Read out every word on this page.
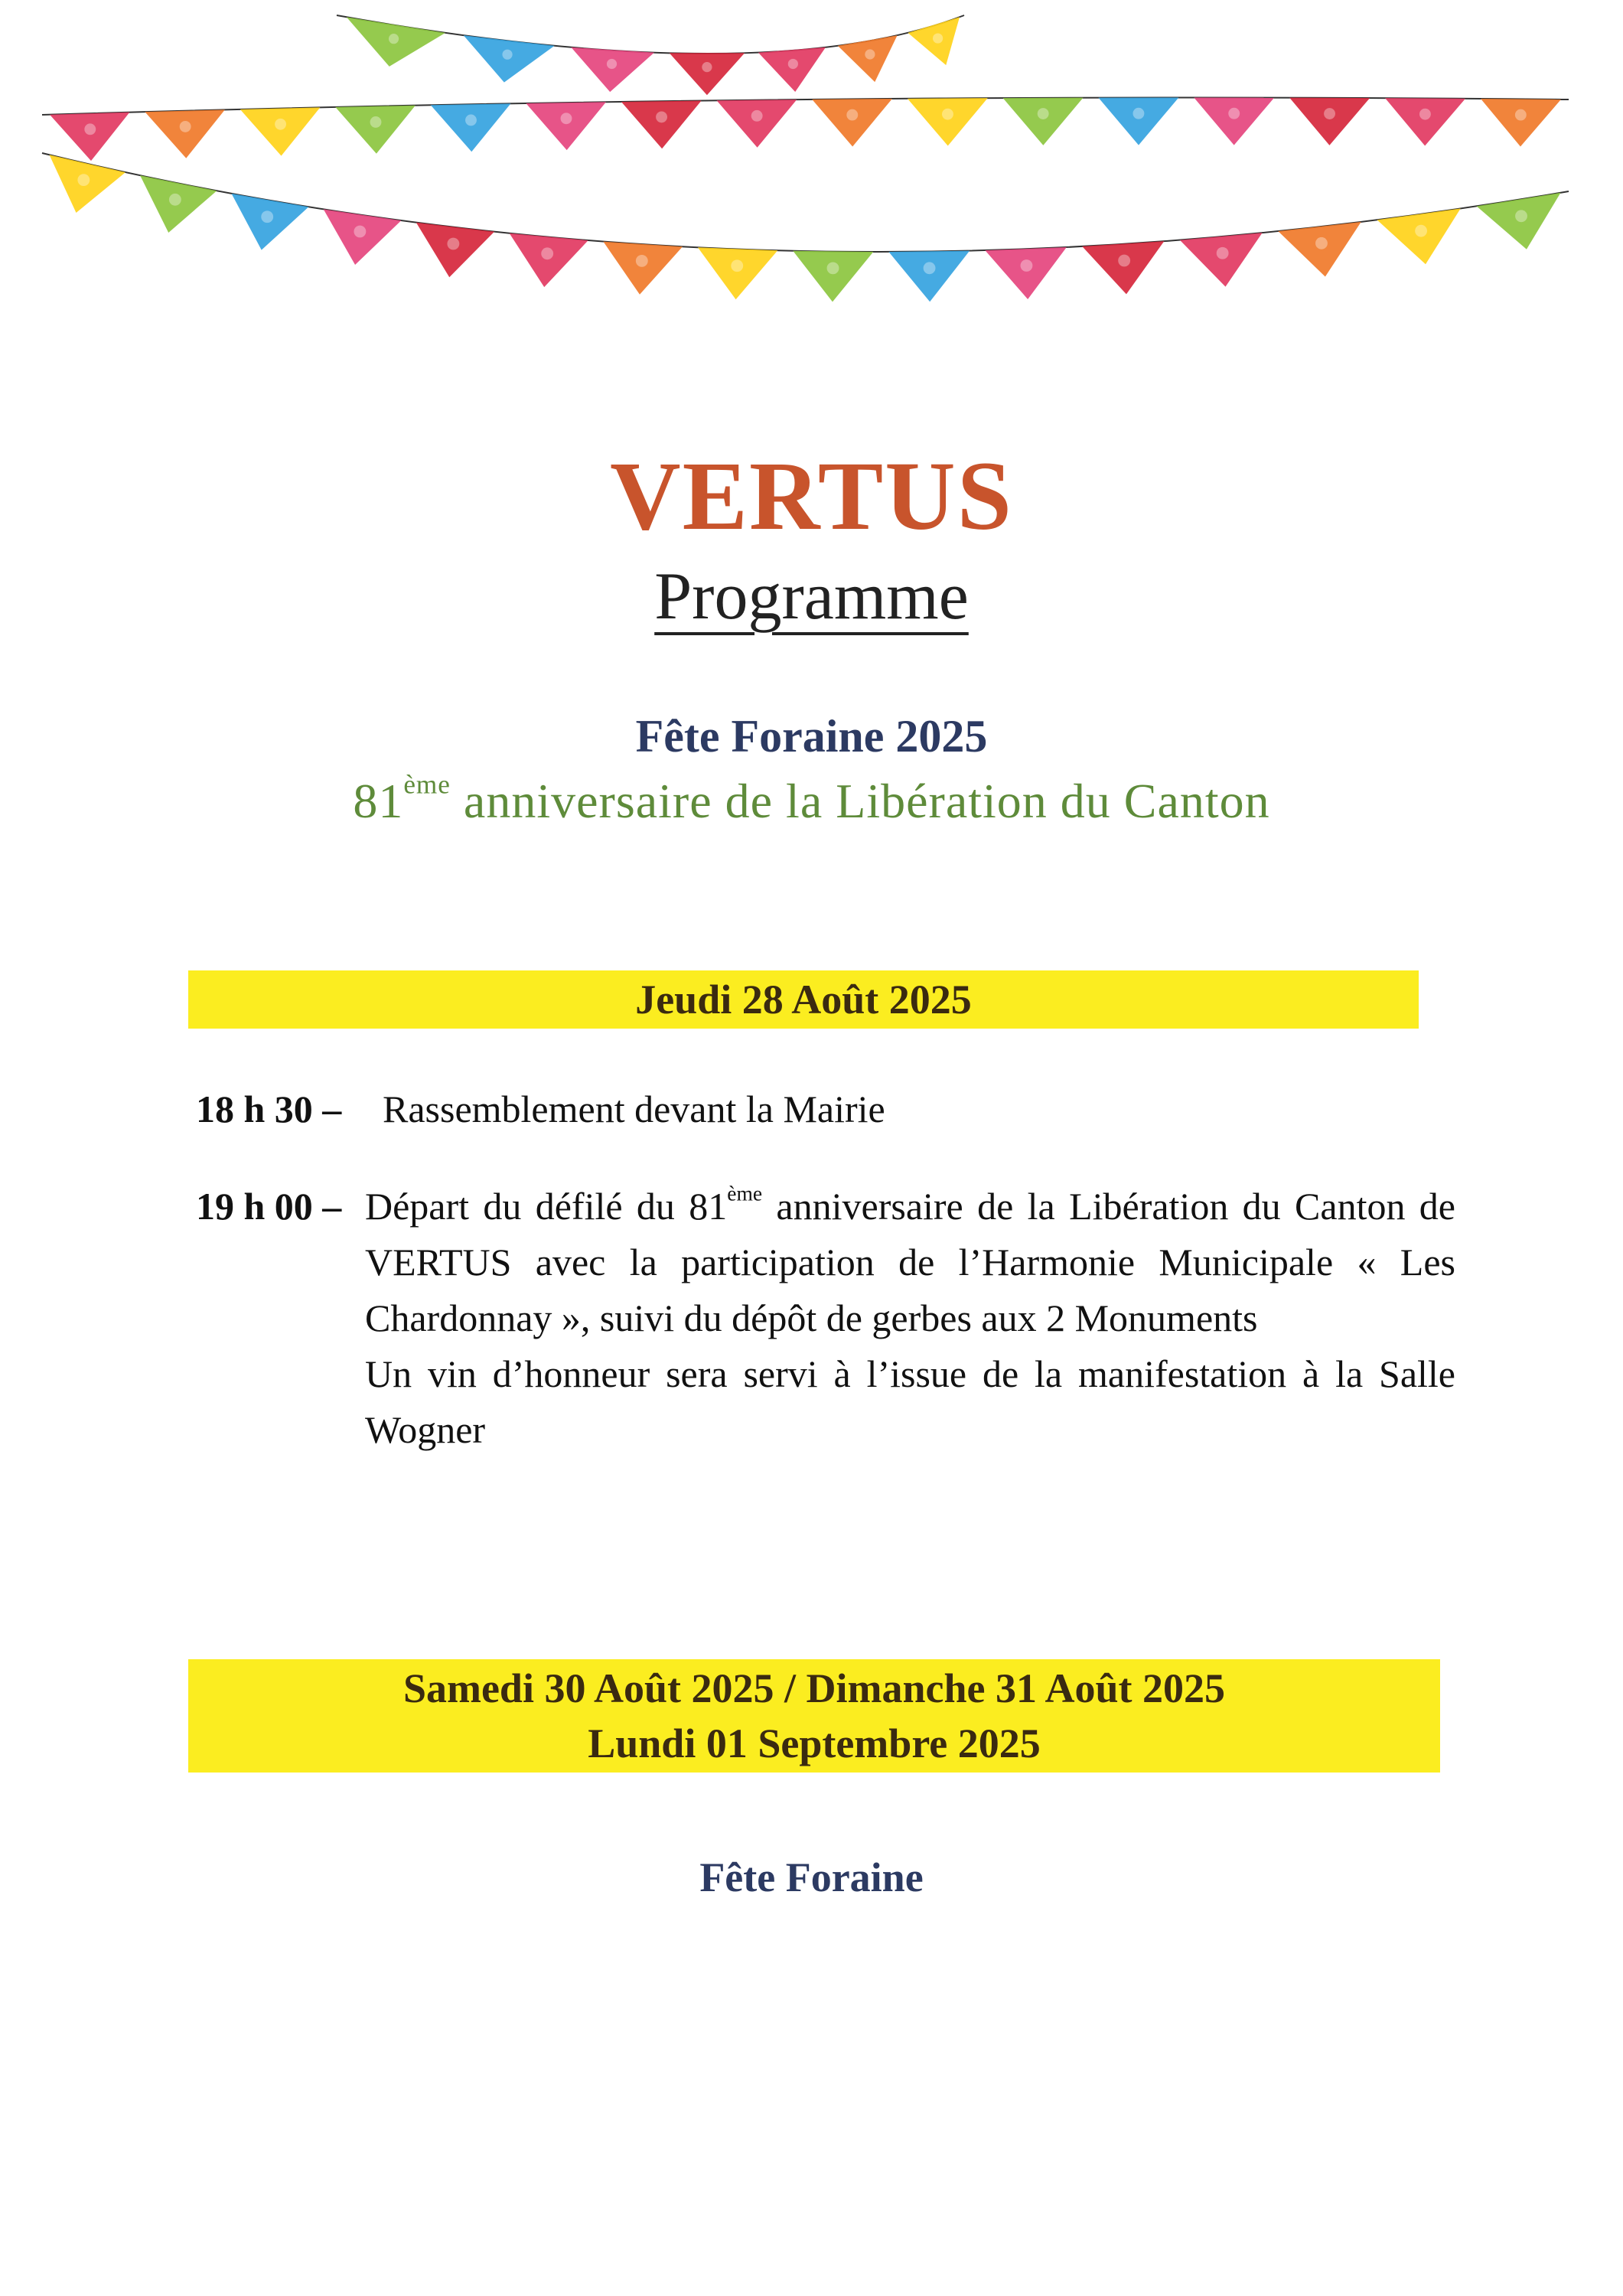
VERTUS
Programme
Fête Foraine 2025
81ème anniversaire de la Libération du Canton
Jeudi 28 Août 2025
18 h 30 – Rassemblement devant la Mairie
19 h 00 – Départ du défilé du 81ème anniversaire de la Libération du Canton de VERTUS avec la participation de l’Harmonie Municipale « Les Chardonnay », suivi du dépôt de gerbes aux 2 Monuments

Un vin d’honneur sera servi à l’issue de la manifestation à la Salle Wogner

Samedi 30 Août 2025 / Dimanche 31 Août 2025
Lundi 01 Septembre 2025
Fête Foraine
